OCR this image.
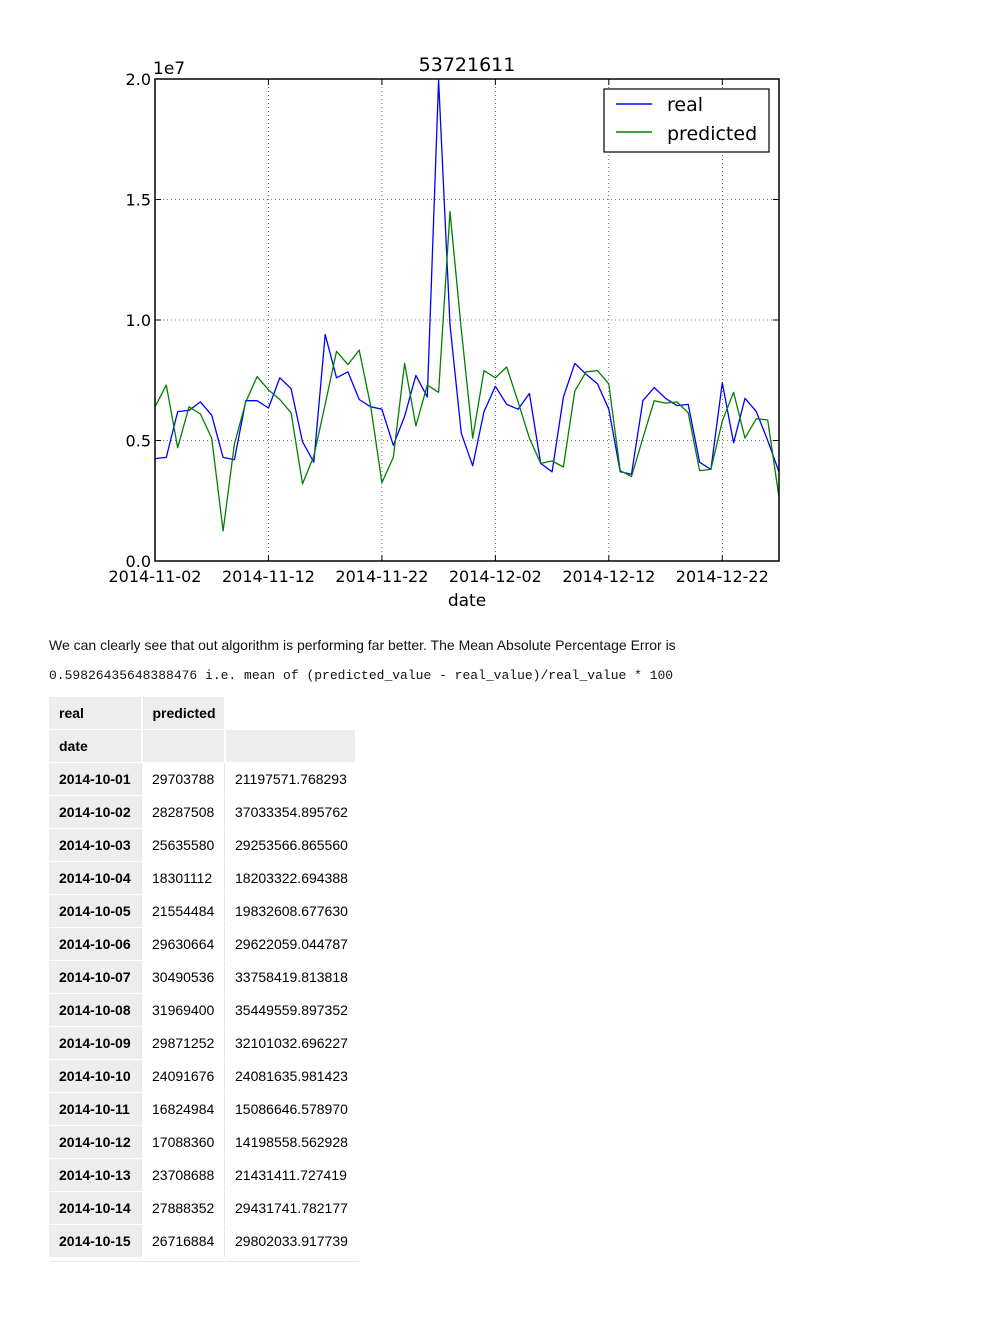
0.0
0.5
1.0
1.5
2.0
2014-11-02 2014-11-12 2014-11-22 2014-12-02 2014-12-12 2014-12-22
1e7	53721611
date
real
predicted
We can clearly see that out algorithm is performing far better. The Mean Absolute Percentage Error is
0.59826435648388476 i.e. mean of (predicted_value - real_value)/real_value * 100
real	predicted	
date		
2014-10-01	29703788	21197571.768293
2014-10-02	28287508	37033354.895762
2014-10-03	25635580	29253566.865560
2014-10-04	18301112	18203322.694388
2014-10-05	21554484	19832608.677630
2014-10-06	29630664	29622059.044787
2014-10-07	30490536	33758419.813818
2014-10-08	31969400	35449559.897352
2014-10-09	29871252	32101032.696227
2014-10-10	24091676	24081635.981423
2014-10-11	16824984	15086646.578970
2014-10-12	17088360	14198558.562928
2014-10-13	23708688	21431411.727419
2014-10-14	27888352	29431741.782177
2014-10-15	26716884	29802033.917739
